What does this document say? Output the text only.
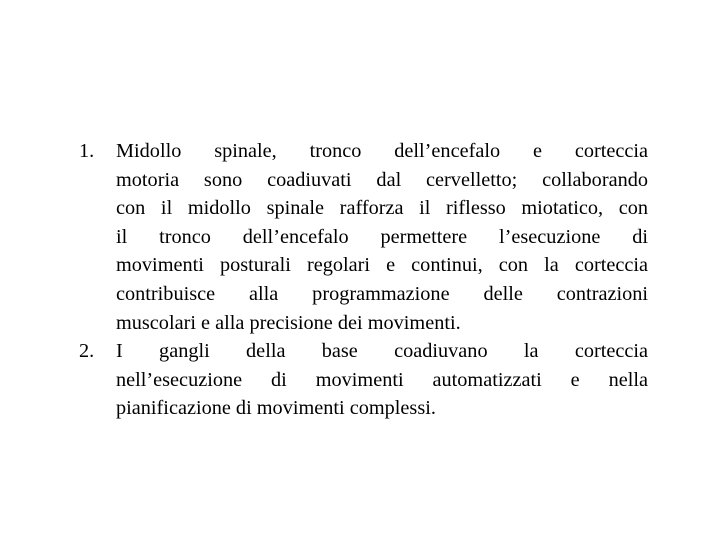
1. Midollo spinale, tronco dell’encefalo e corteccia
motoria sono coadiuvati dal cervelletto; collaborando
con il midollo spinale rafforza il riflesso miotatico, con
il tronco dell’encefalo permettere l’esecuzione di
movimenti posturali regolari e continui, con la corteccia
contribuisce alla programmazione delle contrazioni
muscolari e alla precisione dei movimenti.
2. I gangli della base coadiuvano la corteccia
nell’esecuzione di movimenti automatizzati e nella
pianificazione di movimenti complessi.
